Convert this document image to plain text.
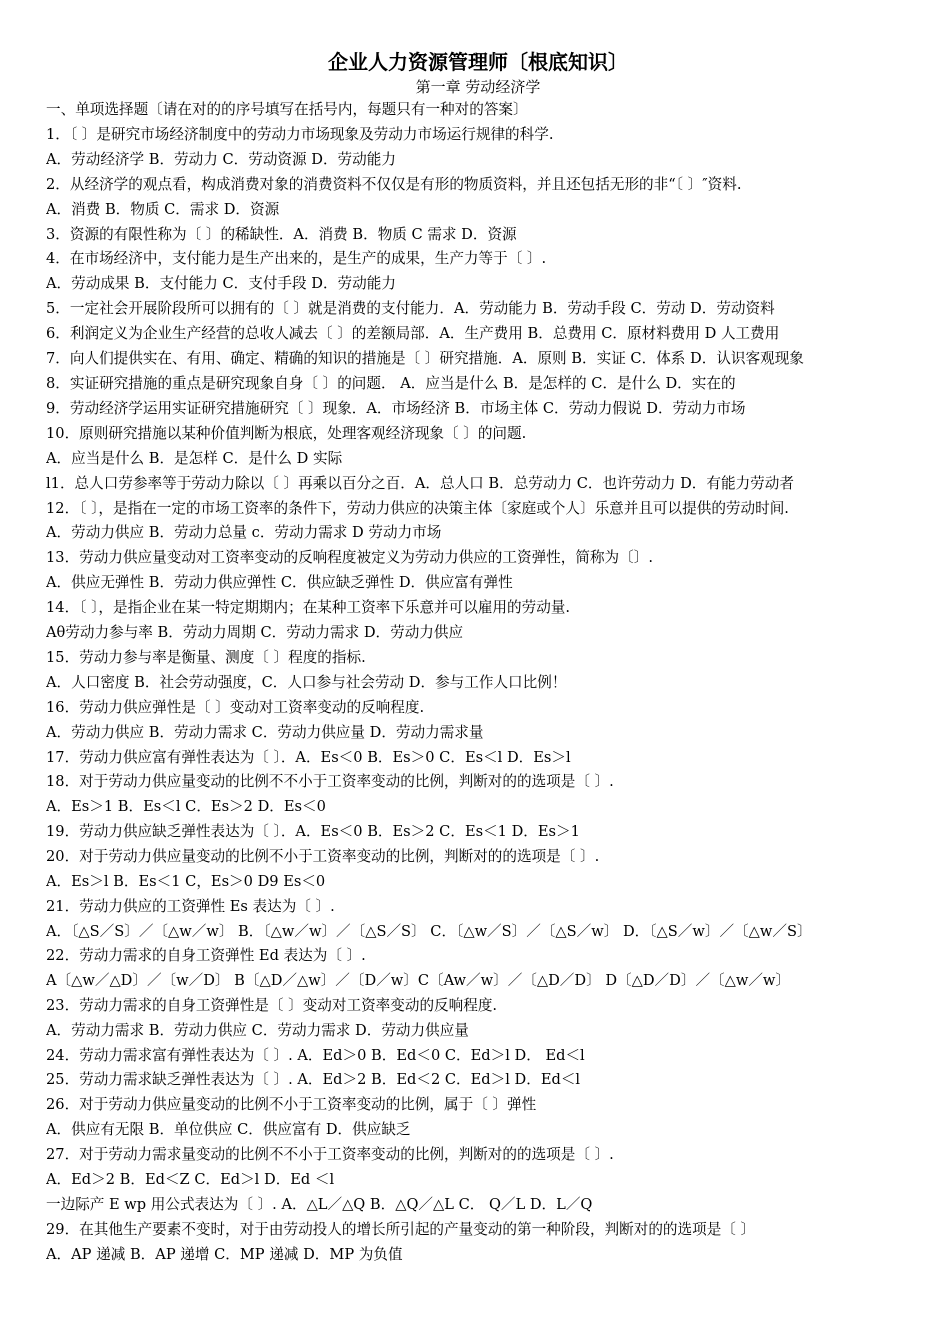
企业人力资源管理师〔根底知识〕

第一章 劳动经济学

一、单项选择题〔请在对的的序号填写在括号内，每题只有一种对的答案〕
1．〔 〕是研究市场经济制度中的劳动力市场现象及劳动力市场运行规律的科学.
A．劳动经济学 B．劳动力 C．劳动资源 D．劳动能力
2．从经济学的观点看，构成消费对象的消费资料不仅仅是有形的物质资料，并且还包括无形的非“〔 〕″资料.
A．消费 B．物质 C．需求 D．资源
3．资源的有限性称为〔 〕的稀缺性．A．消费 B．物质 C 需求 D．资源
4．在市场经济中，支付能力是生产出来的，是生产的成果，生产力等于〔 〕.
A．劳动成果 B．支付能力 C．支付手段 D．劳动能力
5．一定社会开展阶段所可以拥有的〔 〕就是消费的支付能力．A．劳动能力 B．劳动手段 C．劳动 D．劳动资料
6．利润定义为企业生产经营的总收人减去〔 〕的差额局部．A．生产费用 B．总费用 C．原材料费用 D 人工费用
7．向人们提供实在、有用、确定、精确的知识的措施是〔 〕研究措施．A．原则 B．实证 C．体系 D．认识客观现象
8．实证研究措施的重点是研究现象自身〔 〕的问题． A．应当是什么 B．是怎样的 C．是什么 D．实在的
9．劳动经济学运用实证研究措施研究〔 〕现象．A．市场经济 B．市场主体 C．劳动力假说 D．劳动力市场
10．原则研究措施以某种价值判断为根底，处理客观经济现象〔 〕的问题.
A．应当是什么 B．是怎样 C．是什么 D 实际
l1．总人口劳参率等于劳动力除以〔 〕再乘以百分之百．A．总人口 B．总劳动力 C．也许劳动力 D．有能力劳动者
12．〔 〕，是指在一定的市场工资率的条件下，劳动力供应的决策主体〔家庭或个人〕乐意并且可以提供的劳动时间.
A．劳动力供应 B．劳动力总量 c．劳动力需求 D 劳动力市场
13．劳动力供应量变动对工资率变动的反响程度被定义为劳动力供应的工资弹性，简称为〔〕.
A．供应无弹性 B．劳动力供应弹性 C．供应缺乏弹性 D．供应富有弹性
14．〔 〕，是指企业在某一特定期期内；在某种工资率下乐意并可以雇用的劳动量.
Aθ劳动力参与率 B．劳动力周期 C．劳动力需求 D．劳动力供应
15．劳动力参与率是衡量、测度〔 〕程度的指标.
A．人口密度 B．社会劳动强度，C．人口参与社会劳动 D．参与工作人口比例！
16．劳动力供应弹性是〔 〕变动对工资率变动的反响程度.
A．劳动力供应 B．劳动力需求 C．劳动力供应量 D．劳动力需求量
17．劳动力供应富有弹性表达为〔 〕．A．Es＜0 B．Es＞0 C．Es＜l D．Es＞l
18．对于劳动力供应量变动的比例不不小于工资率变动的比例，判断对的的选项是〔 〕.
A．Es＞1 B．Es＜l C．Es＞2 D．Es＜0
19．劳动力供应缺乏弹性表达为〔 〕．A．Es＜0 B．Es＞2 C．Es＜1 D．Es＞1
20．对于劳动力供应量变动的比例不小于工资率变动的比例，判断对的的选项是〔 〕.
A．Es＞l B．Es＜1 C，Es＞0 D9 Es＜0
21．劳动力供应的工资弹性 Es 表达为〔 〕.
A．〔△S／S〕／〔△w／w〕 B．〔△w／w〕／〔△S／S〕 C．〔△w／S〕／〔△S／w〕 D．〔△S／w〕／〔△w／S〕
22．劳动力需求的自身工资弹性 Ed 表达为〔 〕.
A〔△w／△D〕／〔w／D〕 B〔△D／△w〕／〔D／w〕C〔Aw／w〕／〔△D／D〕 D〔△D／D〕／〔△w／w〕
23．劳动力需求的自身工资弹性是〔 〕变动对工资率变动的反响程度.
A．劳动力需求 B．劳动力供应 C．劳动力需求 D．劳动力供应量
24．劳动力需求富有弹性表达为〔 〕. A．Ed＞0 B．Ed＜0 C．Ed＞l D． Ed＜l
25．劳动力需求缺乏弹性表达为〔 〕. A．Ed＞2 B．Ed＜2 C．Ed＞l D．Ed＜l
26．对于劳动力供应量变动的比例不小于工资率变动的比例，属于〔 〕弹性
A．供应有无限 B．单位供应 C．供应富有 D．供应缺乏
27．对于劳动力需求量变动的比例不不小于工资率变动的比例，判断对的的选项是〔 〕.
A．Ed＞2 B．Ed＜Z C．Ed＞l D．Ed ＜l
一边际产 E wp 用公式表达为〔 〕. A．△L／△Q B．△Q／△L C． Q／L D．L／Q
29．在其他生产要素不变时，对于由劳动投人的增长所引起的产量变动的第一种阶段，判断对的的选项是〔 〕
A．AP 递减 B．AP 递增 C．MP 递减 D．MP 为负值
